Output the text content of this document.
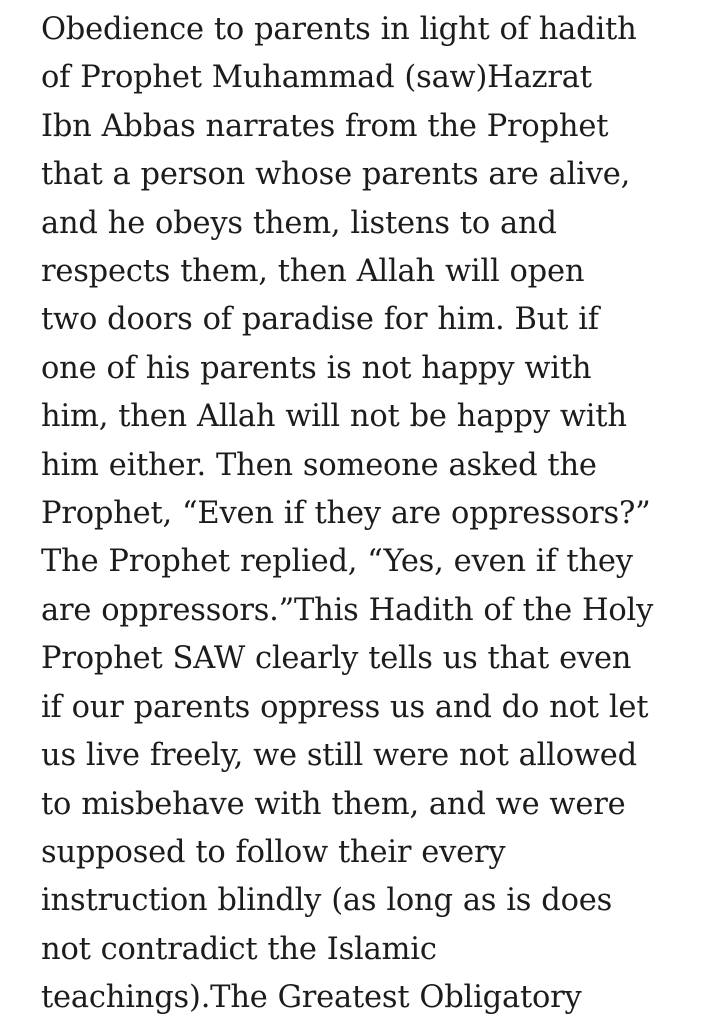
Obedience to parents in light of hadith
of Prophet Muhammad (saw)Hazrat
Ibn Abbas narrates from the Prophet
that a person whose parents are alive,
and he obeys them, listens to and
respects them, then Allah will open
two doors of paradise for him. But if
one of his parents is not happy with
him, then Allah will not be happy with
him either. Then someone asked the
Prophet, “Even if they are oppressors?”
The Prophet replied, “Yes, even if they
are oppressors.”This Hadith of the Holy
Prophet SAW clearly tells us that even
if our parents oppress us and do not let
us live freely, we still were not allowed
to misbehave with them, and we were
supposed to follow their every
instruction blindly (as long as is does
not contradict the Islamic
teachings).The Greatest Obligatory
